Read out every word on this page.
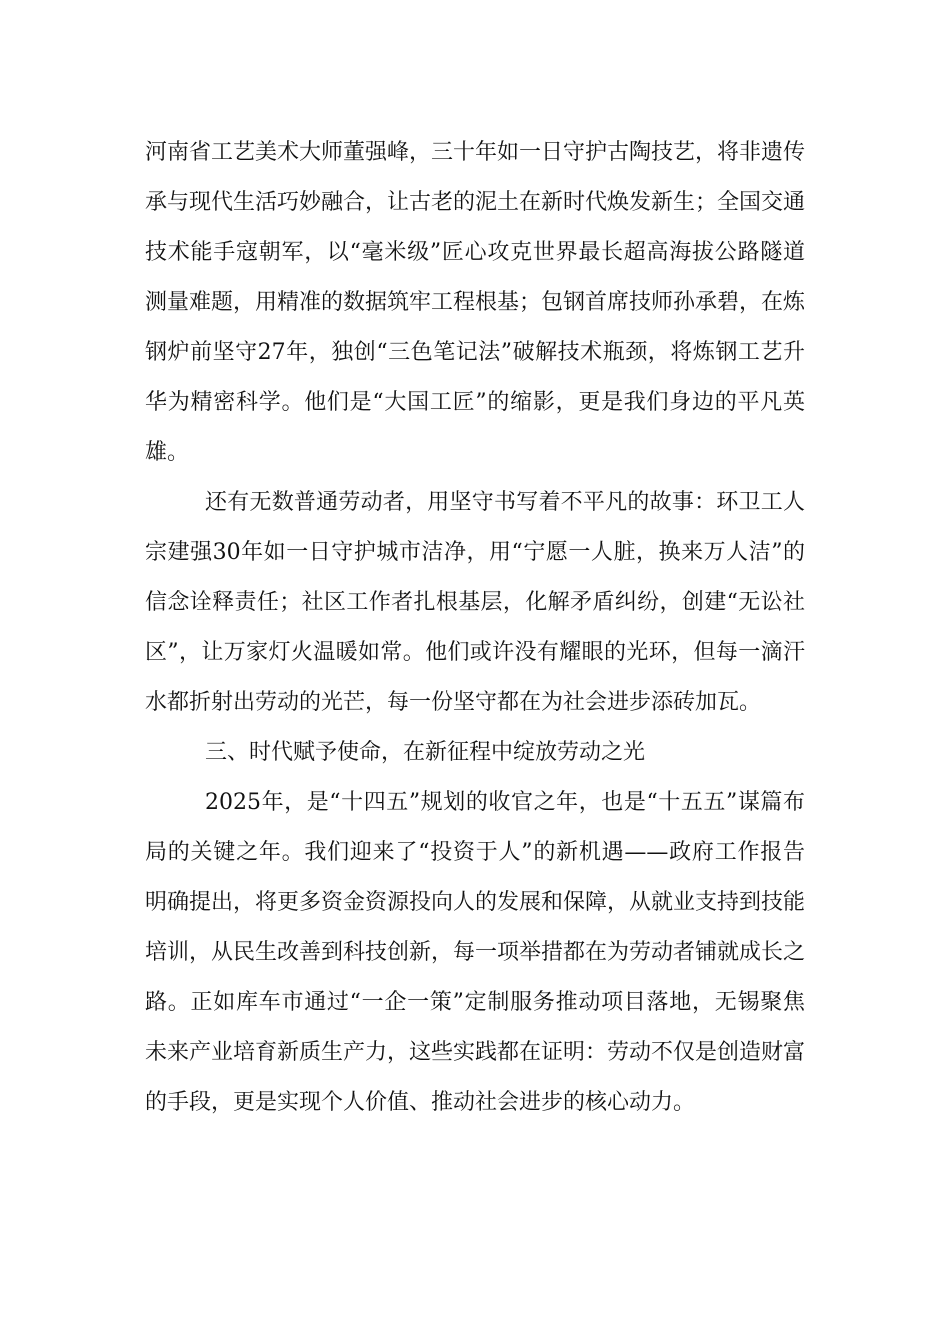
河南省工艺美术大师董强峰，三十年如一日守护古陶技艺，将非遗传承与现代生活巧妙融合，让古老的泥土在新时代焕发新生；全国交通技术能手寇朝军，以“毫米级”匠心攻克世界最长超高海拔公路隧道测量难题，用精准的数据筑牢工程根基；包钢首席技师孙承碧，在炼钢炉前坚守27年，独创“三色笔记法”破解技术瓶颈，将炼钢工艺升华为精密科学。他们是“大国工匠”的缩影，更是我们身边的平凡英雄。

还有无数普通劳动者，用坚守书写着不平凡的故事：环卫工人宗建强30年如一日守护城市洁净，用“宁愿一人脏，换来万人洁”的信念诠释责任；社区工作者扎根基层，化解矛盾纠纷，创建“无讼社区”，让万家灯火温暖如常。他们或许没有耀眼的光环，但每一滴汗水都折射出劳动的光芒，每一份坚守都在为社会进步添砖加瓦。

三、时代赋予使命，在新征程中绽放劳动之光

2025年，是“十四五”规划的收官之年，也是“十五五”谋篇布局的关键之年。我们迎来了“投资于人”的新机遇——政府工作报告明确提出，将更多资金资源投向人的发展和保障，从就业支持到技能培训，从民生改善到科技创新，每一项举措都在为劳动者铺就成长之路。正如库车市通过“一企一策”定制服务推动项目落地，无锡聚焦未来产业培育新质生产力，这些实践都在证明：劳动不仅是创造财富的手段，更是实现个人价值、推动社会进步的核心动力。
